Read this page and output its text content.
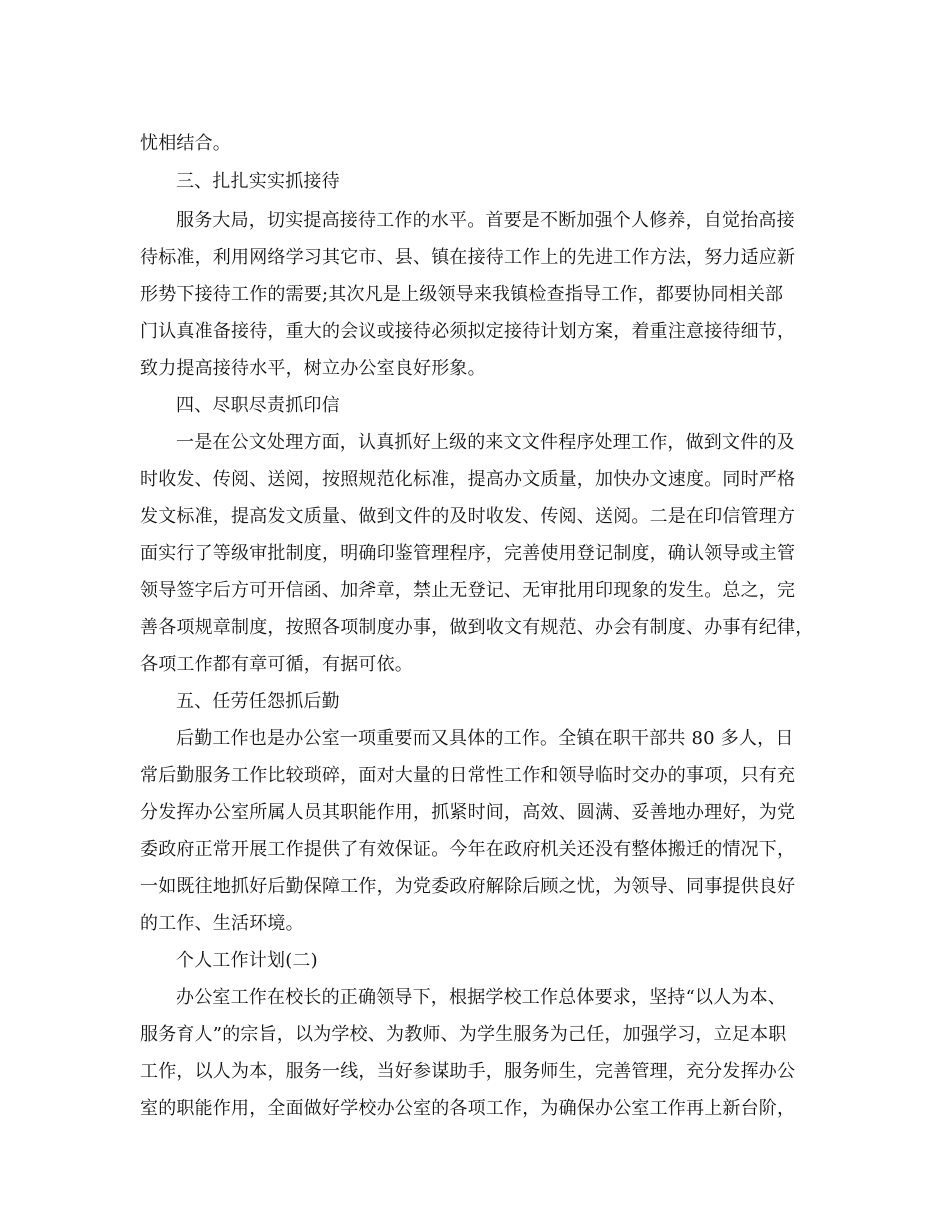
忧相结合。
三、扎扎实实抓接待
服务大局，切实提高接待工作的水平。首要是不断加强个人修养，自觉抬高接
待标准，利用网络学习其它市、县、镇在接待工作上的先进工作方法，努力适应新
形势下接待工作的需要;其次凡是上级领导来我镇检查指导工作，都要协同相关部
门认真准备接待，重大的会议或接待必须拟定接待计划方案，着重注意接待细节，
致力提高接待水平，树立办公室良好形象。
四、尽职尽责抓印信
一是在公文处理方面，认真抓好上级的来文文件程序处理工作，做到文件的及
时收发、传阅、送阅，按照规范化标准，提高办文质量，加快办文速度。同时严格
发文标准，提高发文质量、做到文件的及时收发、传阅、送阅。二是在印信管理方
面实行了等级审批制度，明确印鉴管理程序，完善使用登记制度，确认领导或主管
领导签字后方可开信函、加斧章，禁止无登记、无审批用印现象的发生。总之，完
善各项规章制度，按照各项制度办事，做到收文有规范、办会有制度、办事有纪律，
各项工作都有章可循，有据可依。
五、任劳任怨抓后勤
后勤工作也是办公室一项重要而又具体的工作。全镇在职干部共 80 多人，日
常后勤服务工作比较琐碎，面对大量的日常性工作和领导临时交办的事项，只有充
分发挥办公室所属人员其职能作用，抓紧时间，高效、圆满、妥善地办理好，为党
委政府正常开展工作提供了有效保证。今年在政府机关还没有整体搬迁的情况下，
一如既往地抓好后勤保障工作，为党委政府解除后顾之忧，为领导、同事提供良好
的工作、生活环境。
个人工作计划(二)
办公室工作在校长的正确领导下，根据学校工作总体要求，坚持“以人为本、
服务育人”的宗旨，以为学校、为教师、为学生服务为己任，加强学习，立足本职
工作，以人为本，服务一线，当好参谋助手，服务师生，完善管理，充分发挥办公
室的职能作用，全面做好学校办公室的各项工作，为确保办公室工作再上新台阶，
